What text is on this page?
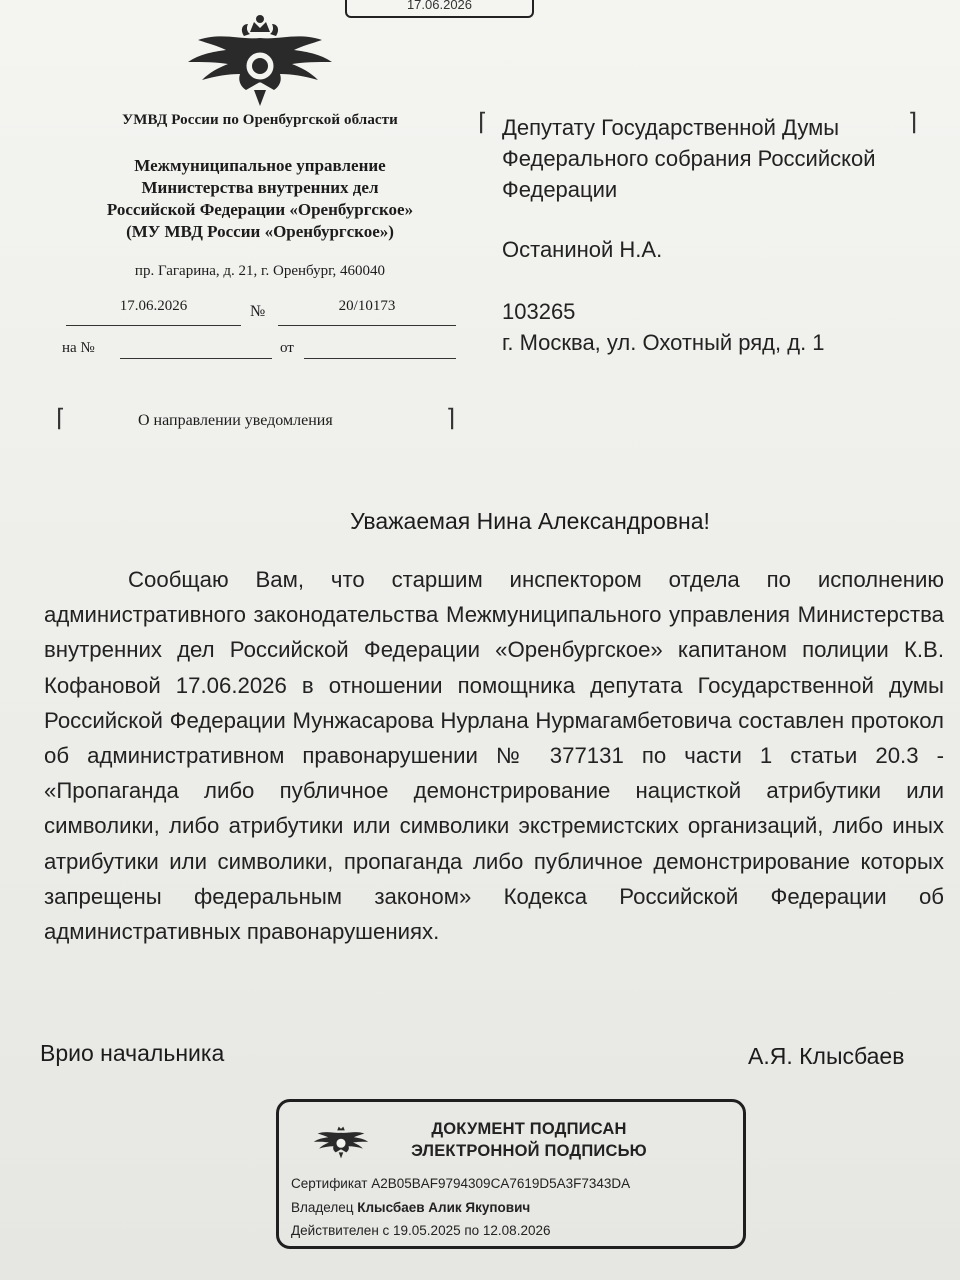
17.06.2026
УМВД России по Оренбургской области
Межмуниципальное управление
Министерства внутренних дел
Российской Федерации «Оренбургское»
(МУ МВД России «Оренбургское»)
пр. Гагарина, д. 21, г. Оренбург, 460040
17.06.2026	№	20/10173
на №	от
⌈	О направлении уведомления	⌉
⌈	⌉
Депутату Государственной Думы
Федерального собрания Российской
Федерации
Останиной Н.А.
103265
г. Москва, ул. Охотный ряд, д. 1
Уважаемая Нина Александровна!
Сообщаю Вам, что старшим инспектором отдела по исполнению административного законодательства Межмуниципального управления Министерства внутренних дел Российской Федерации «Оренбургское» капитаном полиции К.В. Кофановой 17.06.2026 в отношении помощника депутата Государственной думы Российской Федерации Мунжасарова Нурлана Нурмагамбетовича составлен протокол об административном правонарушении № 377131 по части 1 статьи 20.3 - «Пропаганда либо публичное демонстрирование нацисткой атрибутики или символики, либо атрибутики или символики экстремистских организаций, либо иных атрибутики или символики, пропаганда либо публичное демонстрирование которых запрещены федеральным законом» Кодекса Российской Федерации об административных правонарушениях.
Врио начальника	А.Я. Клысбаев
ДОКУМЕНТ ПОДПИСАН
ЭЛЕКТРОННОЙ ПОДПИСЬЮ
Сертификат A2B05BAF9794309CA7619D5A3F7343DA
Владелец Клысбаев Алик Якупович
Действителен с 19.05.2025 по 12.08.2026
